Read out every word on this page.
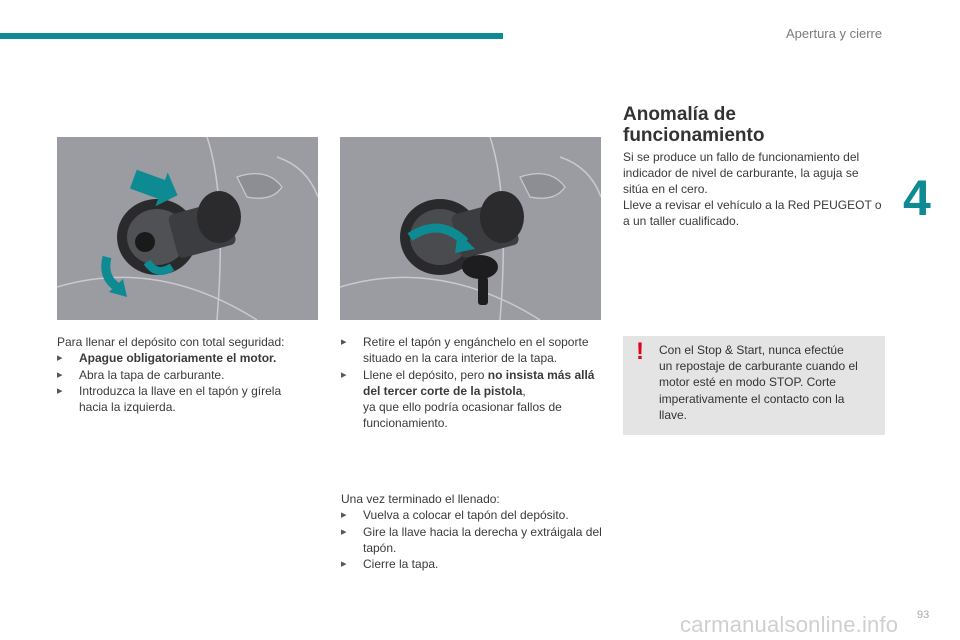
Apertura y cierre
4
Para llenar el depósito con total seguridad:
▸ Apague obligatoriamente el motor.
▸ Abra la tapa de carburante.
▸ Introduzca la llave en el tapón y gírela hacia la izquierda.
▸ Retire el tapón y engánchelo en el soporte situado en la cara interior de la tapa.
▸ Llene el depósito, pero no insista más allá del tercer corte de la pistola,
ya que ello podría ocasionar fallos de funcionamiento.
Una vez terminado el llenado:
▸ Vuelva a colocar el tapón del depósito.
▸ Gire la llave hacia la derecha y extráigala del tapón.
▸ Cierre la tapa.
Anomalía de
funcionamiento
Si se produce un fallo de funcionamiento del indicador de nivel de carburante, la aguja se sitúa en el cero.
Lleve a revisar el vehículo a la Red PEUGEOT o a un taller cualificado.
! Con el Stop & Start, nunca efectúe un repostaje de carburante cuando el motor esté en modo STOP. Corte imperativamente el contacto con la llave.
93
carmanualsonline.info
